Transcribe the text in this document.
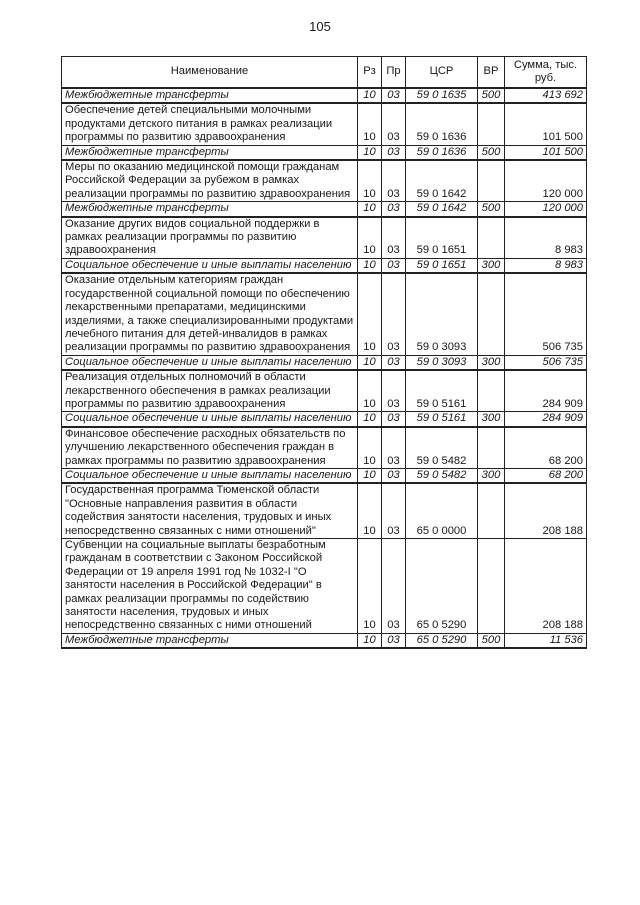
105
Наименование	Рз	Пр	ЦСР	ВР	Сумма, тыс. руб.
Межбюджетные трансферты	10	03	59 0 1635	500	413 692
Обеспечение детей специальными молочными продуктами детского питания в рамках реализации программы по развитию здравоохранения	10	03	59 0 1636		101 500
Межбюджетные трансферты	10	03	59 0 1636	500	101 500
Меры по оказанию медицинской помощи гражданам Российской Федерации за рубежом в рамках реализации программы по развитию здравоохранения	10	03	59 0 1642		120 000
Межбюджетные трансферты	10	03	59 0 1642	500	120 000
Оказание других видов социальной поддержки в рамках реализации программы по развитию здравоохранения	10	03	59 0 1651		8 983
Социальное обеспечение и иные выплаты населению	10	03	59 0 1651	300	8 983
Оказание отдельным категориям граждан государственной социальной помощи по обеспечению лекарственными препаратами, медицинскими изделиями, а также специализированными продуктами лечебного питания для детей-инвалидов в рамках реализации программы по развитию здравоохранения	10	03	59 0 3093		506 735
Социальное обеспечение и иные выплаты населению	10	03	59 0 3093	300	506 735
Реализация отдельных полномочий в области лекарственного обеспечения в рамках реализации программы по развитию здравоохранения	10	03	59 0 5161		284 909
Социальное обеспечение и иные выплаты населению	10	03	59 0 5161	300	284 909
Финансовое обеспечение расходных обязательств по улучшению лекарственного обеспечения граждан в рамках программы по развитию здравоохранения	10	03	59 0 5482		68 200
Социальное обеспечение и иные выплаты населению	10	03	59 0 5482	300	68 200
Государственная программа Тюменской области "Основные направления развития в области содействия занятости населения, трудовых и иных непосредственно связанных с ними отношений"	10	03	65 0 0000		208 188
Субвенции на социальные выплаты безработным гражданам в соответствии с Законом Российской Федерации от 19 апреля 1991 год № 1032-I "О занятости населения в Российской Федерации" в рамках реализации программы по содействию занятости населения, трудовых и иных непосредственно связанных с ними отношений	10	03	65 0 5290		208 188
Межбюджетные трансферты	10	03	65 0 5290	500	11 536
